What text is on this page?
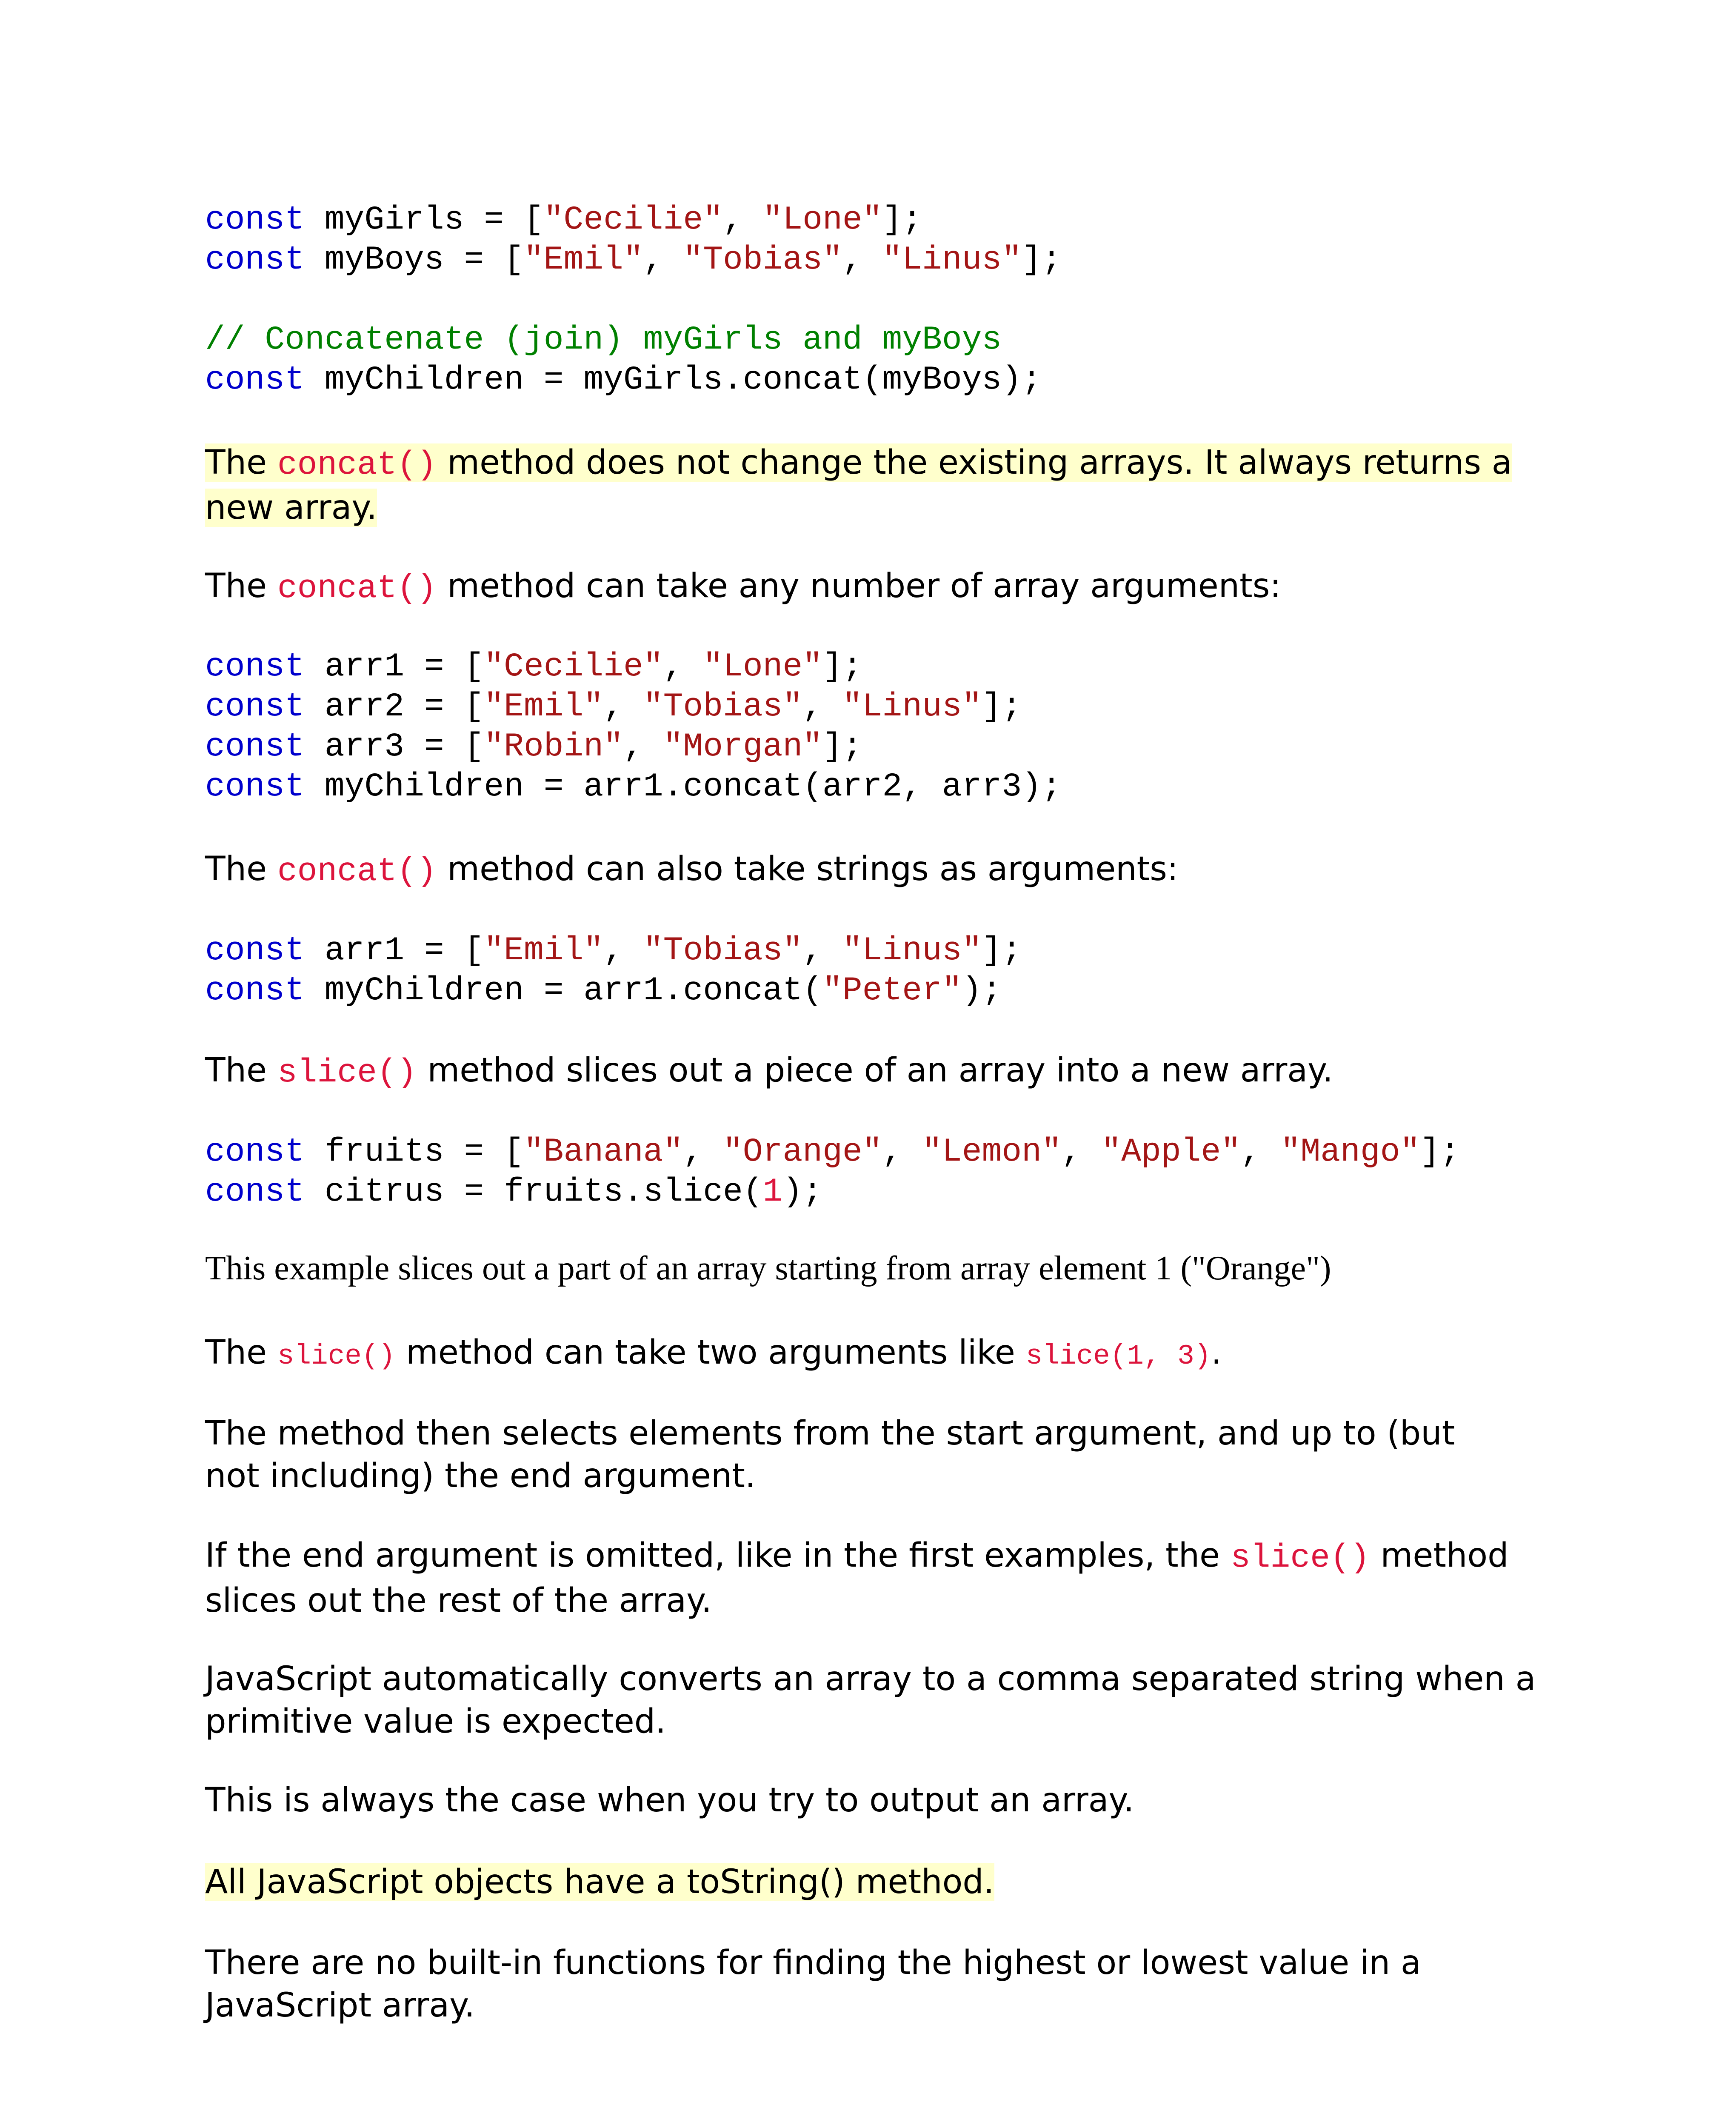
const myGirls = ["Cecilie", "Lone"];
const myBoys = ["Emil", "Tobias", "Linus"];
// Concatenate (join) myGirls and myBoys
const myChildren = myGirls.concat(myBoys);

The concat() method does not change the existing arrays. It always returns a new array.

The concat() method can take any number of array arguments:

const arr1 = ["Cecilie", "Lone"];
const arr2 = ["Emil", "Tobias", "Linus"];
const arr3 = ["Robin", "Morgan"];
const myChildren = arr1.concat(arr2, arr3);

The concat() method can also take strings as arguments:

const arr1 = ["Emil", "Tobias", "Linus"];
const myChildren = arr1.concat("Peter");

The slice() method slices out a piece of an array into a new array.

const fruits = ["Banana", "Orange", "Lemon", "Apple", "Mango"];
const citrus = fruits.slice(1);

This example slices out a part of an array starting from array element 1 ("Orange")

The slice() method can take two arguments like slice(1, 3).

The method then selects elements from the start argument, and up to (but not including) the end argument.

If the end argument is omitted, like in the first examples, the slice() method slices out the rest of the array.

JavaScript automatically converts an array to a comma separated string when a primitive value is expected.

This is always the case when you try to output an array.

All JavaScript objects have a toString() method.

There are no built-in functions for finding the highest or lowest value in a JavaScript array.
